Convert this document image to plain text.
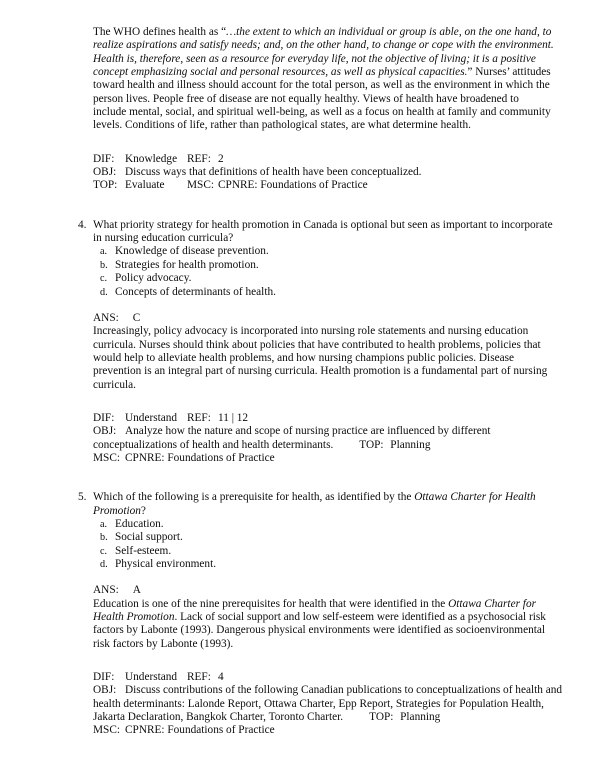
The WHO defines health as “…the extent to which an individual or group is able, on the one hand, to realize aspirations and satisfy needs; and, on the other hand, to change or cope with the environment. Health is, therefore, seen as a resource for everyday life, not the objective of living; it is a positive concept emphasizing social and personal resources, as well as physical capacities.” Nurses’ attitudes toward health and illness should account for the total person, as well as the environment in which the person lives. People free of disease are not equally healthy. Views of health have broadened to include mental, social, and spiritual well-being, as well as a focus on health at family and community levels. Conditions of life, rather than pathological states, are what determine health.

DIF: Knowledge REF: 2
OBJ: Discuss ways that definitions of health have been conceptualized.
TOP: Evaluate MSC: CPNRE: Foundations of Practice
4. What priority strategy for health promotion in Canada is optional but seen as important to incorporate in nursing education curricula?

a. Knowledge of disease prevention.
b. Strategies for health promotion.
c. Policy advocacy.
d. Concepts of determinants of health.
ANS: C

Increasingly, policy advocacy is incorporated into nursing role statements and nursing education curricula. Nurses should think about policies that have contributed to health problems, policies that would help to alleviate health problems, and how nursing champions public policies. Disease prevention is an integral part of nursing curricula. Health promotion is a fundamental part of nursing curricula.

DIF: Understand REF: 11 | 12
OBJ: Analyze how the nature and scope of nursing practice are influenced by different conceptualizations of health and health determinants. TOP: Planning
MSC: CPNRE: Foundations of Practice
5. Which of the following is a prerequisite for health, as identified by the Ottawa Charter for Health Promotion?

a. Education.
b. Social support.
c. Self-esteem.
d. Physical environment.
ANS: A

Education is one of the nine prerequisites for health that were identified in the Ottawa Charter for Health Promotion. Lack of social support and low self-esteem were identified as a psychosocial risk factors by Labonte (1993). Dangerous physical environments were identified as socioenvironmental risk factors by Labonte (1993).

DIF: Understand REF: 4
OBJ: Discuss contributions of the following Canadian publications to conceptualizations of health and health determinants: Lalonde Report, Ottawa Charter, Epp Report, Strategies for Population Health, Jakarta Declaration, Bangkok Charter, Toronto Charter. TOP: Planning
MSC: CPNRE: Foundations of Practice
